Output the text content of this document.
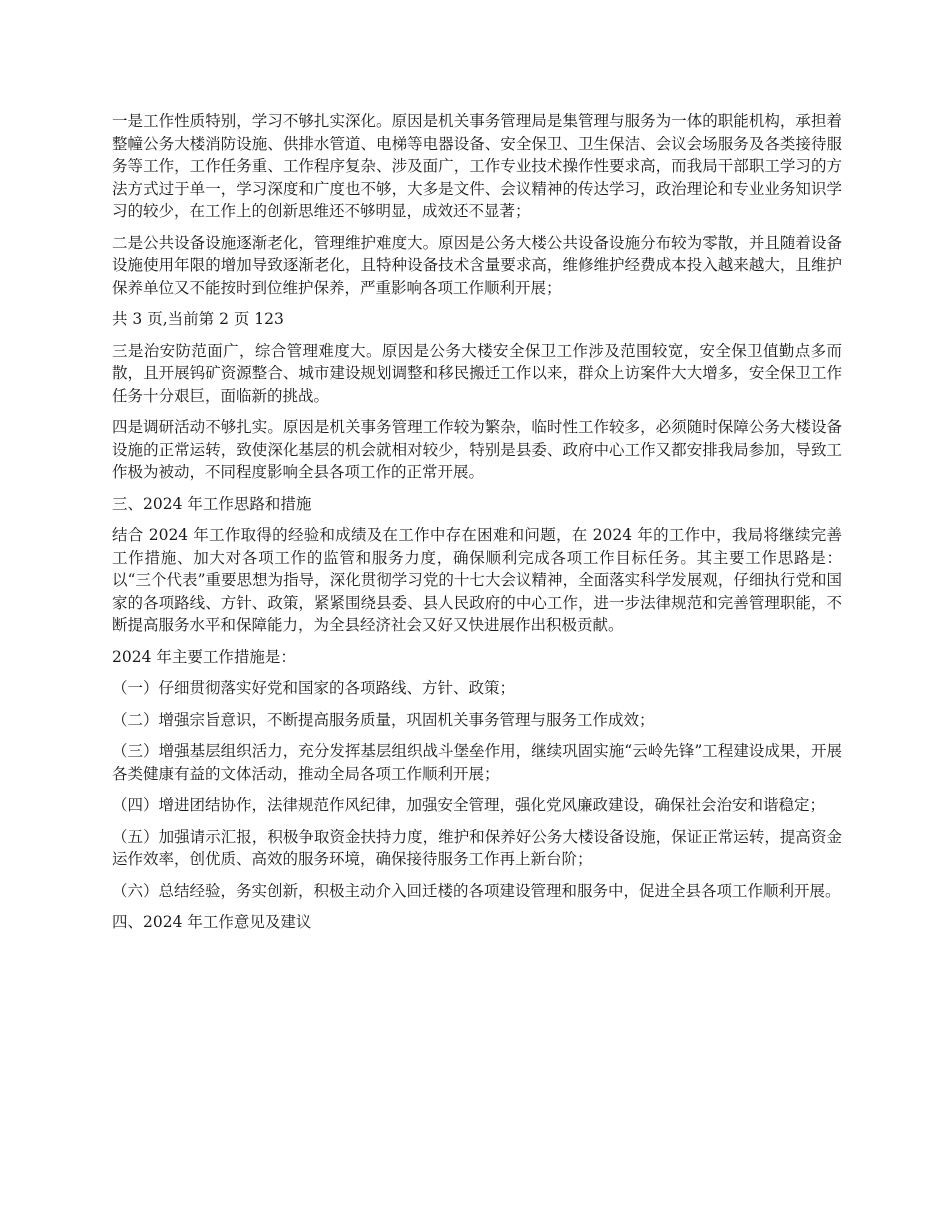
一是工作性质特别，学习不够扎实深化。原因是机关事务管理局是集管理与服务为一体的职能机构，承担着整幢公务大楼消防设施、供排水管道、电梯等电器设备、安全保卫、卫生保洁、会议会场服务及各类接待服务等工作，工作任务重、工作程序复杂、涉及面广，工作专业技术操作性要求高，而我局干部职工学习的方法方式过于单一，学习深度和广度也不够，大多是文件、会议精神的传达学习，政治理论和专业业务知识学习的较少，在工作上的创新思维还不够明显，成效还不显著；

二是公共设备设施逐渐老化，管理维护难度大。原因是公务大楼公共设备设施分布较为零散，并且随着设备设施使用年限的增加导致逐渐老化，且特种设备技术含量要求高，维修维护经费成本投入越来越大，且维护保养单位又不能按时到位维护保养，严重影响各项工作顺利开展；

共 3 页,当前第 2 页 123

三是治安防范面广，综合管理难度大。原因是公务大楼安全保卫工作涉及范围较宽，安全保卫值勤点多而散，且开展钨矿资源整合、城市建设规划调整和移民搬迁工作以来，群众上访案件大大增多，安全保卫工作任务十分艰巨，面临新的挑战。

四是调研活动不够扎实。原因是机关事务管理工作较为繁杂，临时性工作较多，必须随时保障公务大楼设备设施的正常运转，致使深化基层的机会就相对较少，特别是县委、政府中心工作又都安排我局参加，导致工作极为被动，不同程度影响全县各项工作的正常开展。

三、2024 年工作思路和措施

结合 2024 年工作取得的经验和成绩及在工作中存在困难和问题，在 2024 年的工作中，我局将继续完善工作措施、加大对各项工作的监管和服务力度，确保顺利完成各项工作目标任务。其主要工作思路是：以“三个代表”重要思想为指导，深化贯彻学习党的十七大会议精神，全面落实科学发展观，仔细执行党和国家的各项路线、方针、政策，紧紧围绕县委、县人民政府的中心工作，进一步法律规范和完善管理职能，不断提高服务水平和保障能力，为全县经济社会又好又快进展作出积极贡献。

2024 年主要工作措施是：

（一）仔细贯彻落实好党和国家的各项路线、方针、政策；

（二）增强宗旨意识，不断提高服务质量，巩固机关事务管理与服务工作成效；

（三）增强基层组织活力，充分发挥基层组织战斗堡垒作用，继续巩固实施“云岭先锋”工程建设成果，开展各类健康有益的文体活动，推动全局各项工作顺利开展；

（四）增进团结协作，法律规范作风纪律，加强安全管理，强化党风廉政建设，确保社会治安和谐稳定；

（五）加强请示汇报，积极争取资金扶持力度，维护和保养好公务大楼设备设施，保证正常运转，提高资金运作效率，创优质、高效的服务环境，确保接待服务工作再上新台阶；

（六）总结经验，务实创新，积极主动介入回迁楼的各项建设管理和服务中，促进全县各项工作顺利开展。

四、2024 年工作意见及建议
